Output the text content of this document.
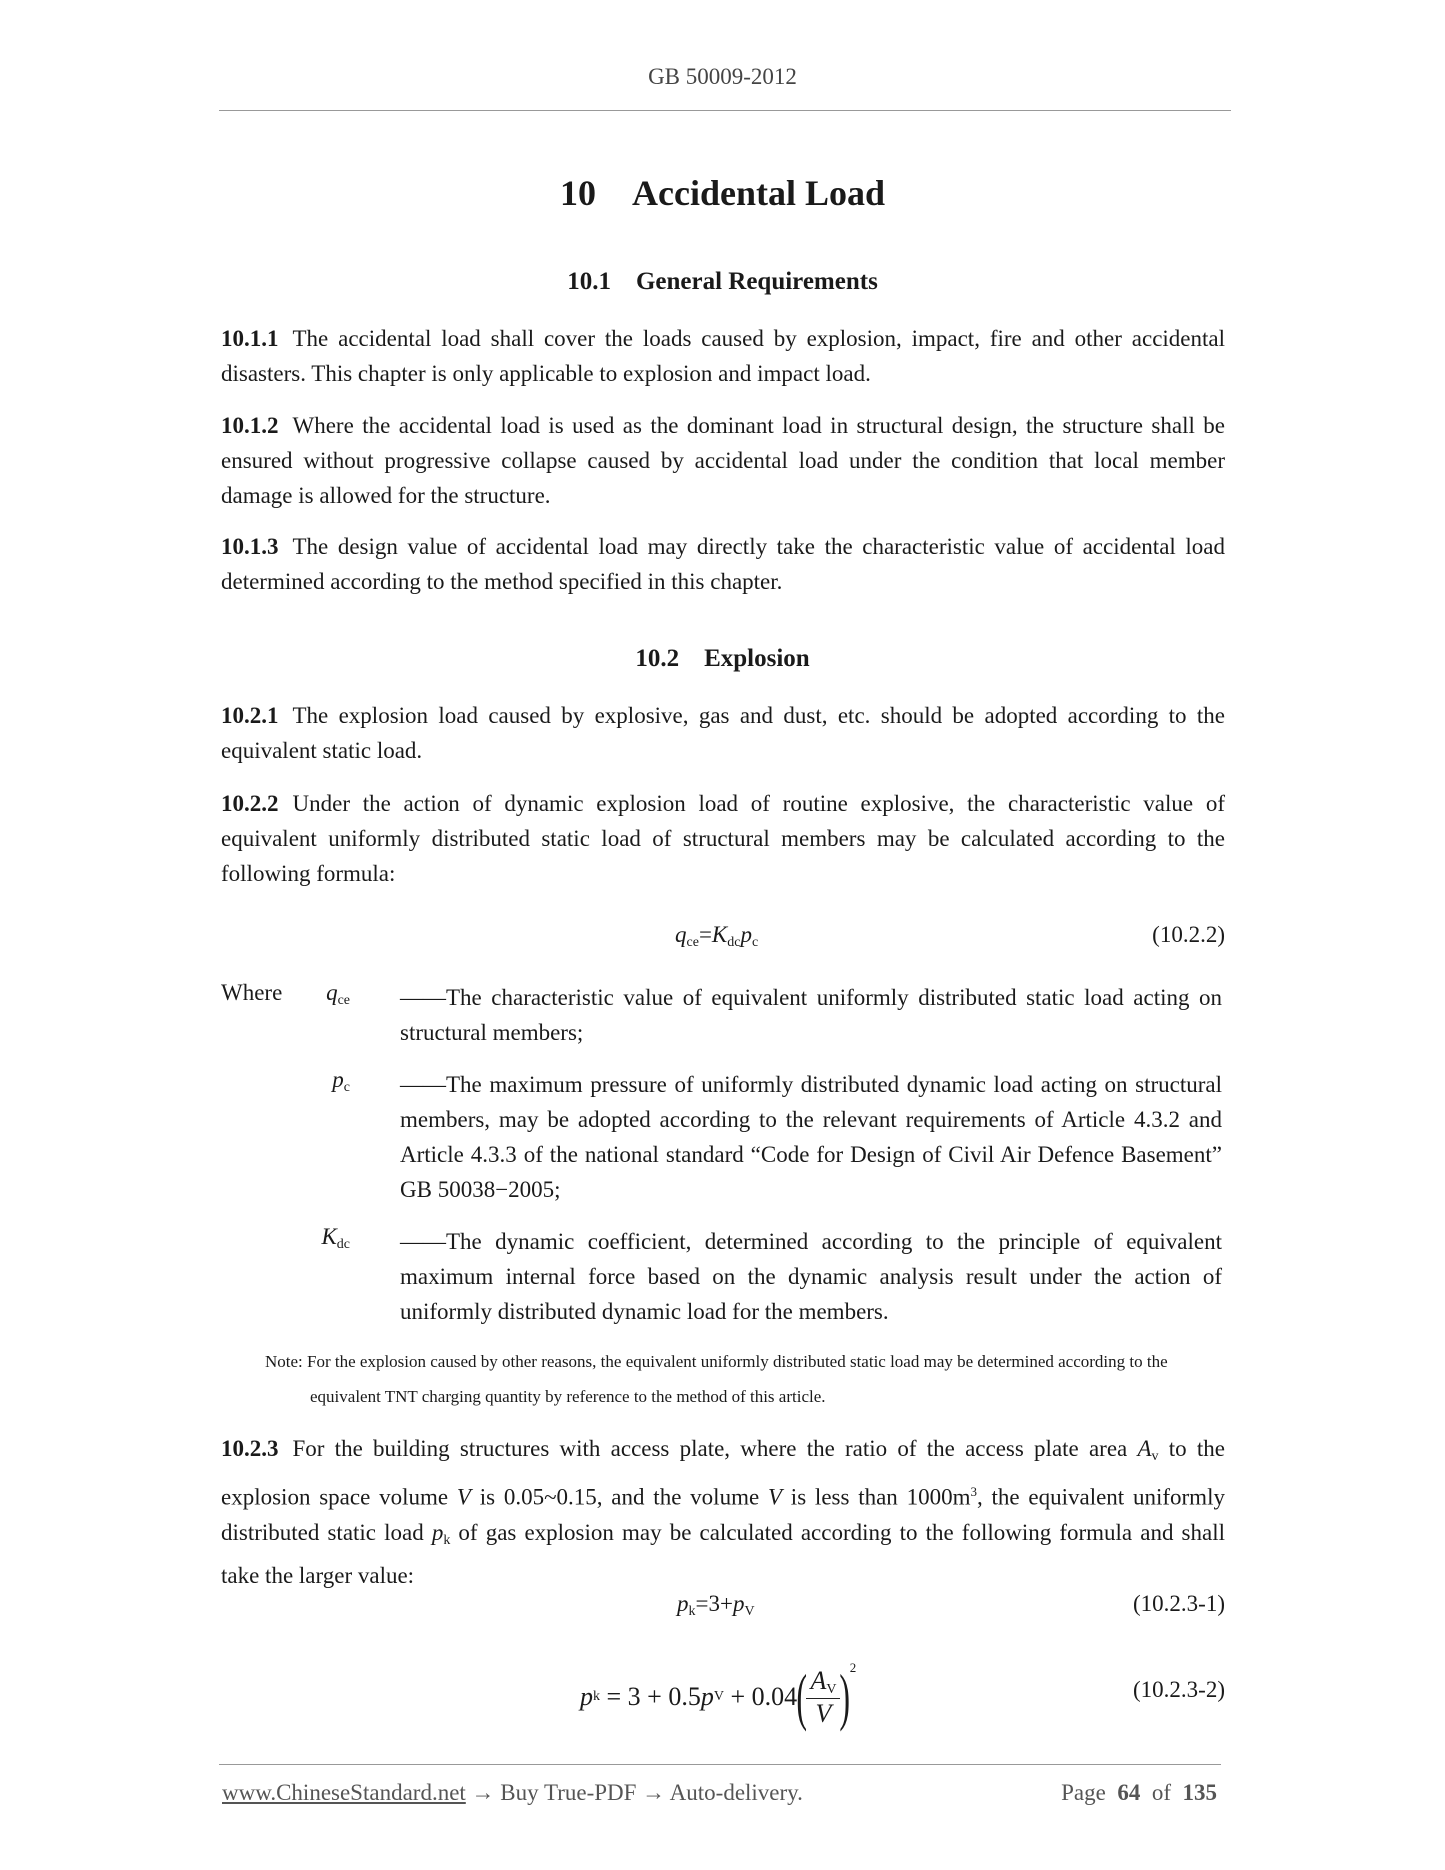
GB 50009-2012
10 Accidental Load
10.1 General Requirements
10.1.1 The accidental load shall cover the loads caused by explosion, impact, fire and other accidental disasters. This chapter is only applicable to explosion and impact load.
10.1.2 Where the accidental load is used as the dominant load in structural design, the structure shall be ensured without progressive collapse caused by accidental load under the condition that local member damage is allowed for the structure.
10.1.3 The design value of accidental load may directly take the characteristic value of accidental load determined according to the method specified in this chapter.
10.2 Explosion
10.2.1 The explosion load caused by explosive, gas and dust, etc. should be adopted according to the equivalent static load.
10.2.2 Under the action of dynamic explosion load of routine explosive, the characteristic value of equivalent uniformly distributed static load of structural members may be calculated according to the following formula:
$q_{ce}=K_{dc}p_c$	(10.2.2)
Where	$q_{ce}$ ——The characteristic value of equivalent uniformly distributed static load acting on structural members;
$p_c$ ——The maximum pressure of uniformly distributed dynamic load acting on structural members, may be adopted according to the relevant requirements of Article 4.3.2 and Article 4.3.3 of the national standard “Code for Design of Civil Air Defence Basement” GB 50038−2005;
$K_{dc}$ ——The dynamic coefficient, determined according to the principle of equivalent maximum internal force based on the dynamic analysis result under the action of uniformly distributed dynamic load for the members.
Note: For the explosion caused by other reasons, the equivalent uniformly distributed static load may be determined according to the
equivalent TNT charging quantity by reference to the method of this article.
10.2.3 For the building structures with access plate, where the ratio of the access plate area $A_v$ to the explosion space volume V is 0.05~0.15, and the volume V is less than $1000m^3$, the equivalent uniformly distributed static load $p_k$ of gas explosion may be calculated according to the following formula and shall take the larger value:
$p_k=3+p_V$	(10.2.3-1)
p k = 3 + 0.5 p V + 0.04 ( $A_V$
V )$^2$
(10.2.3-2)
www.ChineseStandard.net → Buy True-PDF → Auto-delivery.	Page 64 of 135
